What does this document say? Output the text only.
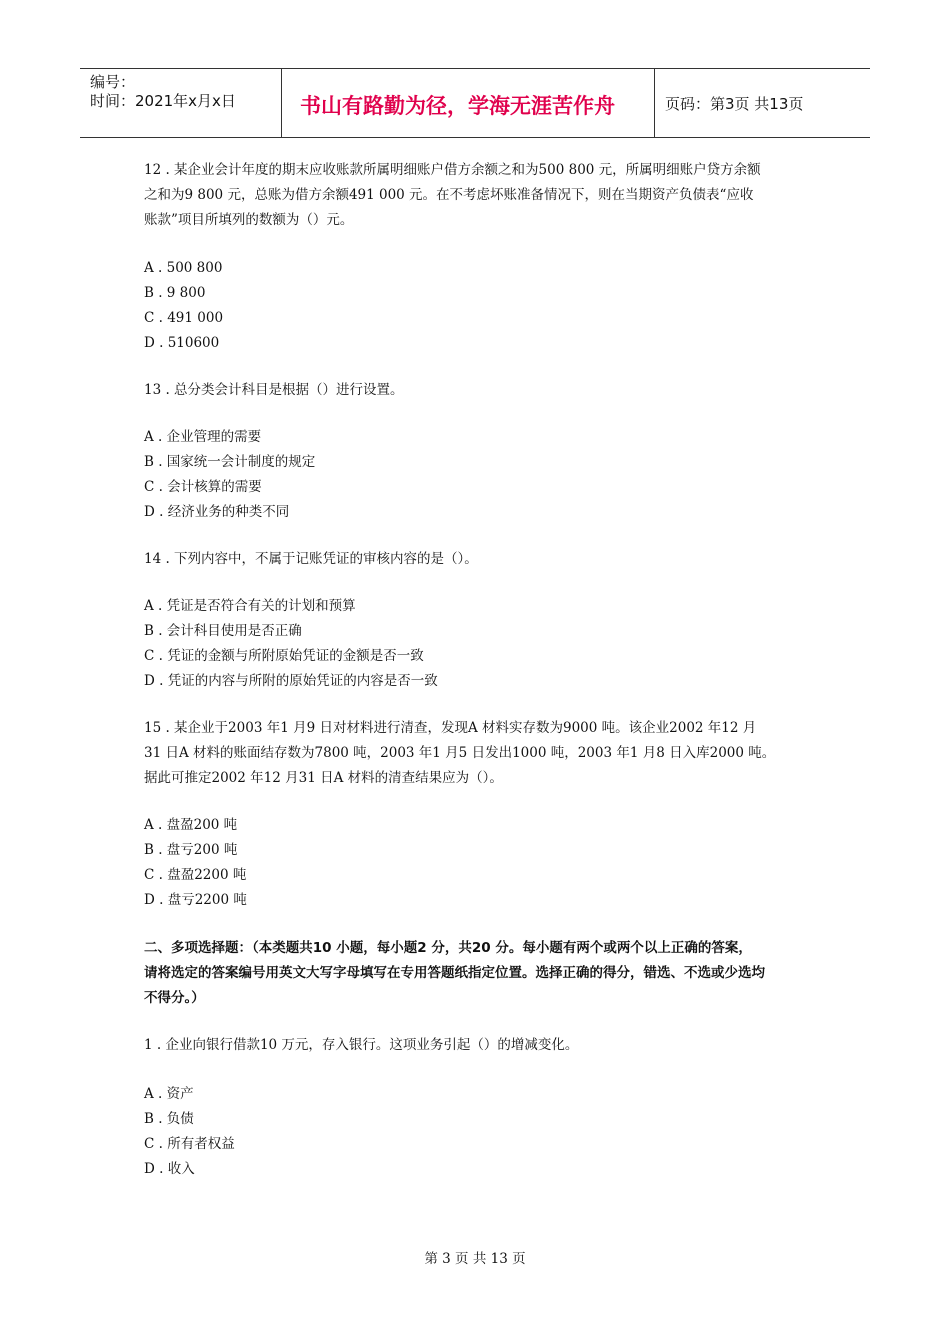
编号：
时间：2021年x月x日	书山有路勤为径，学海无涯苦作舟	页码：第3页 共13页
12 . 某企业会计年度的期末应收账款所属明细账户借方余额之和为500 800 元，所属明细账户贷方余额
之和为9 800 元，总账为借方余额491 000 元。在不考虑坏账准备情况下，则在当期资产负债表“应收
账款”项目所填列的数额为（）元。
A . 500 800
B . 9 800
C . 491 000
D . 510600
13 . 总分类会计科目是根据（）进行设置。
A . 企业管理的需要
B . 国家统一会计制度的规定
C . 会计核算的需要
D . 经济业务的种类不同
14 . 下列内容中，不属于记账凭证的审核内容的是（）。
A . 凭证是否符合有关的计划和预算
B . 会计科目使用是否正确
C . 凭证的金额与所附原始凭证的金额是否一致
D . 凭证的内容与所附的原始凭证的内容是否一致
15 . 某企业于2003 年1 月9 日对材料进行清查，发现A 材料实存数为9000 吨。该企业2002 年12 月
31 日A 材料的账面结存数为7800 吨，2003 年1 月5 日发出1000 吨，2003 年1 月8 日入库2000 吨。
据此可推定2002 年12 月31 日A 材料的清查结果应为（）。
A . 盘盈200 吨
B . 盘亏200 吨
C . 盘盈2200 吨
D . 盘亏2200 吨
二、多项选择题：（本类题共10 小题，每小题2 分，共20 分。每小题有两个或两个以上正确的答案，
请将选定的答案编号用英文大写字母填写在专用答题纸指定位置。选择正确的得分，错选、不选或少选均
不得分。）
1 . 企业向银行借款10 万元，存入银行。这项业务引起（）的增减变化。
A . 资产
B . 负债
C . 所有者权益
D . 收入
第 3 页 共 13 页
